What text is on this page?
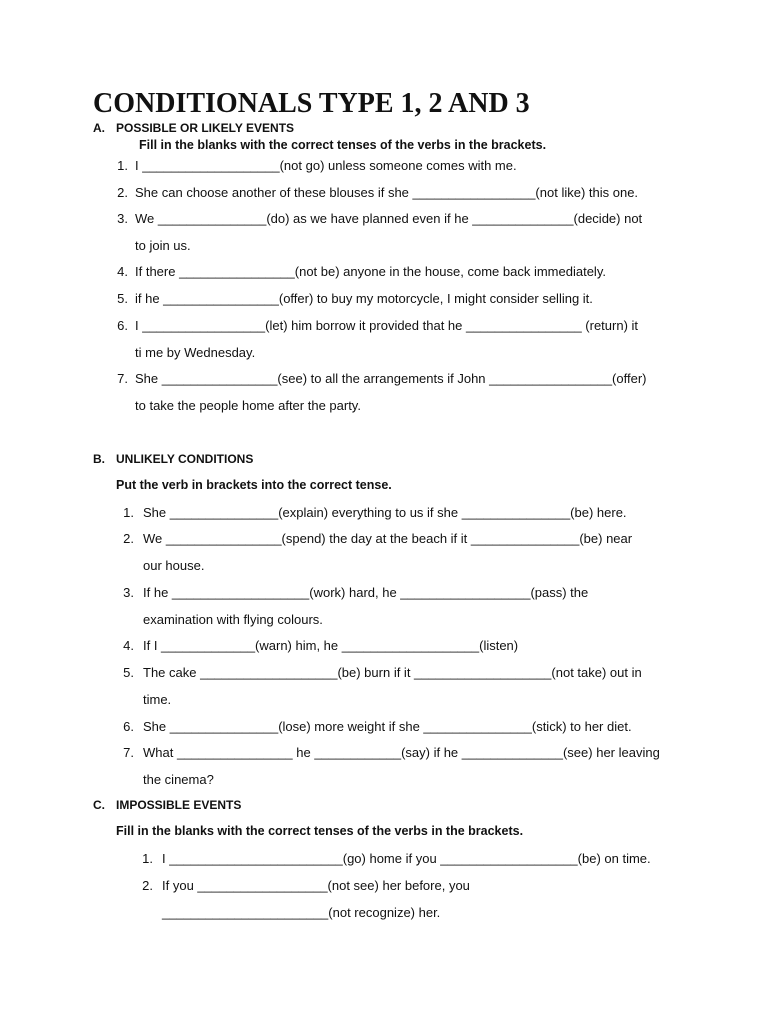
CONDITIONALS TYPE 1, 2 AND 3
A. POSSIBLE OR LIKELY EVENTS
Fill in the blanks with the correct tenses of the verbs in the brackets.
1. I ___________________(not go) unless someone comes with me.
2. She can choose another of these blouses if she _________________(not like) this one.
3. We _______________(do) as we have planned even if he ______________(decide) not
to join us.
4. If there ________________(not be) anyone in the house, come back immediately.
5. if he ________________(offer) to buy my motorcycle, I might consider selling it.
6. I _________________(let) him borrow it provided that he ________________ (return) it
ti me by Wednesday.
7. She ________________(see) to all the arrangements if John _________________(offer)
to take the people home after the party.
B. UNLIKELY CONDITIONS
Put the verb in brackets into the correct tense.
1. She _______________(explain) everything to us if she _______________(be) here.
2. We ________________(spend) the day at the beach if it _______________(be) near
our house.
3. If he ___________________(work) hard, he __________________(pass) the
examination with flying colours.
4. If I _____________(warn) him, he ___________________(listen)
5. The cake ___________________(be) burn if it ___________________(not take) out in
time.
6. She _______________(lose) more weight if she _______________(stick) to her diet.
7. What ________________ he ____________(say) if he ______________(see) her leaving
the cinema?
C. IMPOSSIBLE EVENTS
Fill in the blanks with the correct tenses of the verbs in the brackets.
1. I ________________________(go) home if you ___________________(be) on time.
2. If you __________________(not see) her before, you
_______________________(not recognize) her.
